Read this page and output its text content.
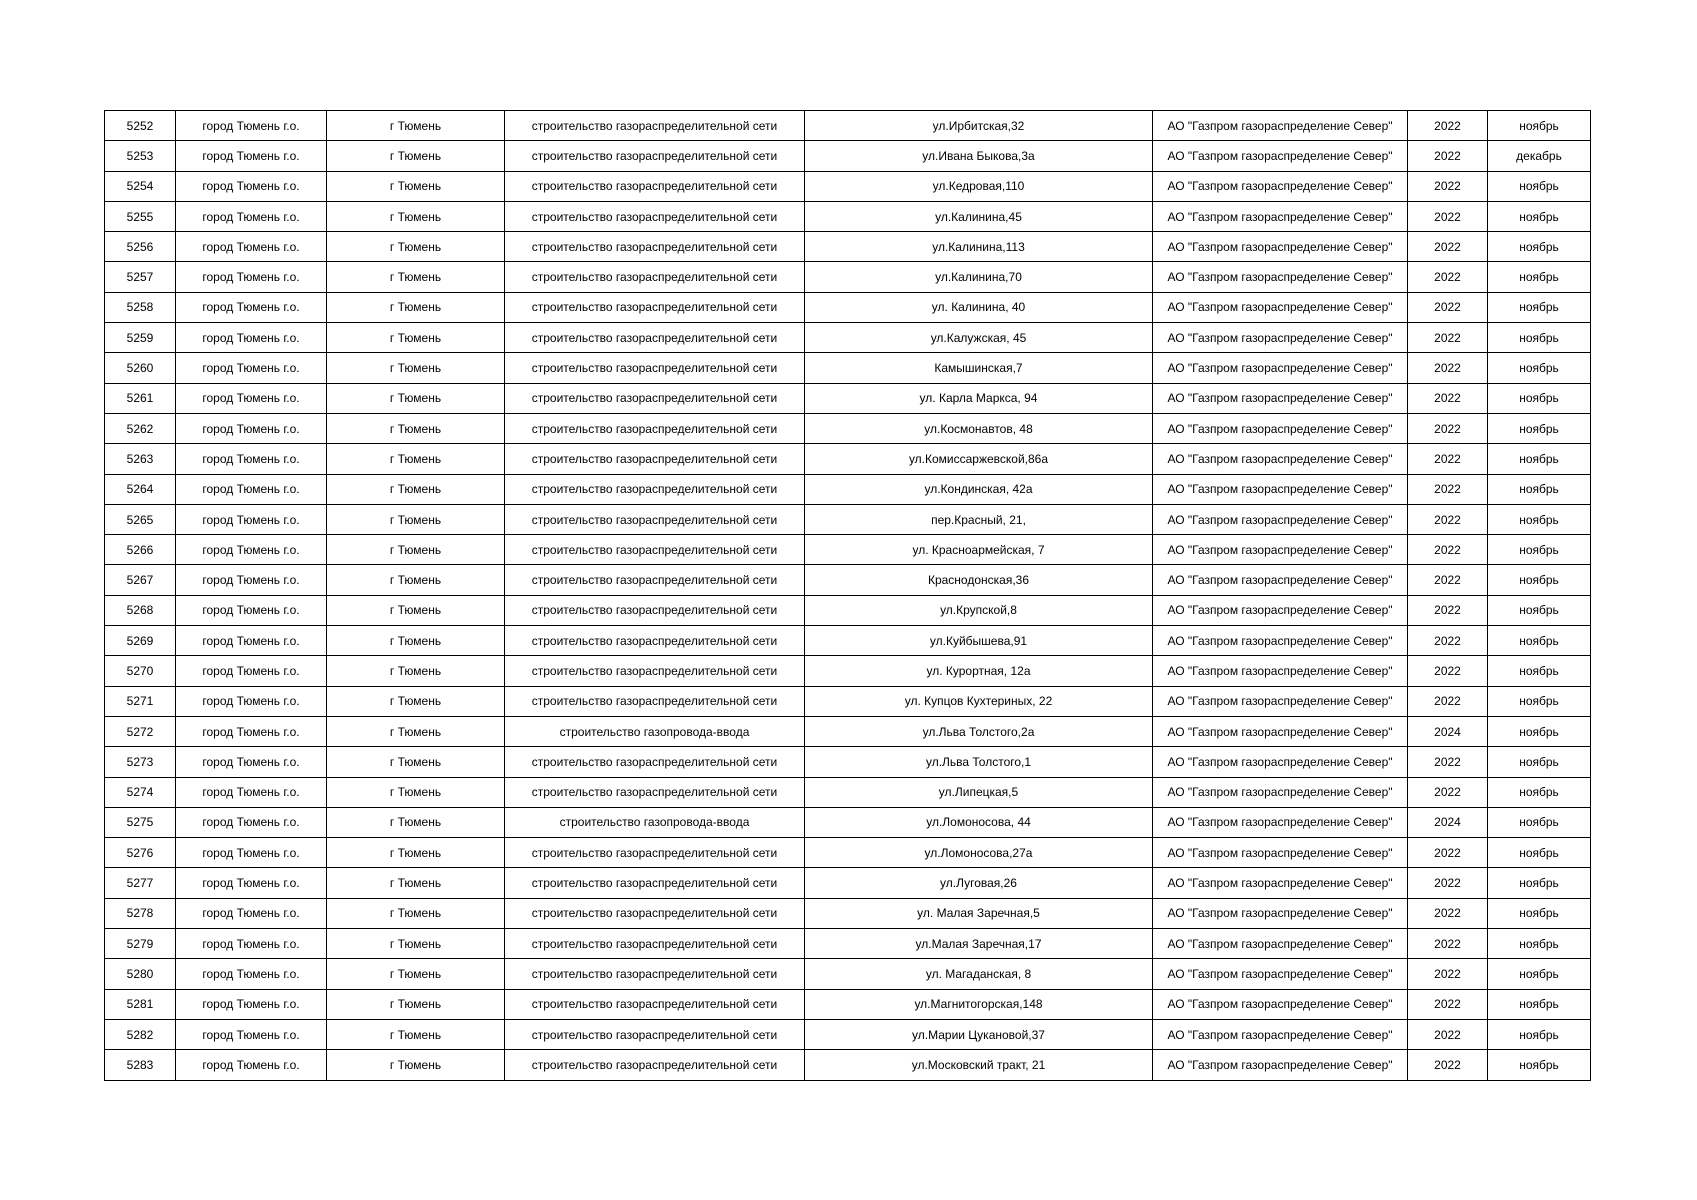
5252	город Тюмень г.о.	г Тюмень	строительство газораспределительной сети	ул.Ирбитская,32	АО "Газпром газораспределение Север"	2022	ноябрь
5253	город Тюмень г.о.	г Тюмень	строительство газораспределительной сети	ул.Ивана Быкова,3а	АО "Газпром газораспределение Север"	2022	декабрь
5254	город Тюмень г.о.	г Тюмень	строительство газораспределительной сети	ул.Кедровая,110	АО "Газпром газораспределение Север"	2022	ноябрь
5255	город Тюмень г.о.	г Тюмень	строительство газораспределительной сети	ул.Калинина,45	АО "Газпром газораспределение Север"	2022	ноябрь
5256	город Тюмень г.о.	г Тюмень	строительство газораспределительной сети	ул.Калинина,113	АО "Газпром газораспределение Север"	2022	ноябрь
5257	город Тюмень г.о.	г Тюмень	строительство газораспределительной сети	ул.Калинина,70	АО "Газпром газораспределение Север"	2022	ноябрь
5258	город Тюмень г.о.	г Тюмень	строительство газораспределительной сети	ул. Калинина, 40	АО "Газпром газораспределение Север"	2022	ноябрь
5259	город Тюмень г.о.	г Тюмень	строительство газораспределительной сети	ул.Калужская, 45	АО "Газпром газораспределение Север"	2022	ноябрь
5260	город Тюмень г.о.	г Тюмень	строительство газораспределительной сети	Камышинская,7	АО "Газпром газораспределение Север"	2022	ноябрь
5261	город Тюмень г.о.	г Тюмень	строительство газораспределительной сети	ул. Карла Маркса, 94	АО "Газпром газораспределение Север"	2022	ноябрь
5262	город Тюмень г.о.	г Тюмень	строительство газораспределительной сети	ул.Космонавтов, 48	АО "Газпром газораспределение Север"	2022	ноябрь
5263	город Тюмень г.о.	г Тюмень	строительство газораспределительной сети	ул.Комиссаржевской,86а	АО "Газпром газораспределение Север"	2022	ноябрь
5264	город Тюмень г.о.	г Тюмень	строительство газораспределительной сети	ул.Кондинская, 42а	АО "Газпром газораспределение Север"	2022	ноябрь
5265	город Тюмень г.о.	г Тюмень	строительство газораспределительной сети	пер.Красный, 21,	АО "Газпром газораспределение Север"	2022	ноябрь
5266	город Тюмень г.о.	г Тюмень	строительство газораспределительной сети	ул. Красноармейская, 7	АО "Газпром газораспределение Север"	2022	ноябрь
5267	город Тюмень г.о.	г Тюмень	строительство газораспределительной сети	Краснодонская,36	АО "Газпром газораспределение Север"	2022	ноябрь
5268	город Тюмень г.о.	г Тюмень	строительство газораспределительной сети	ул.Крупской,8	АО "Газпром газораспределение Север"	2022	ноябрь
5269	город Тюмень г.о.	г Тюмень	строительство газораспределительной сети	ул.Куйбышева,91	АО "Газпром газораспределение Север"	2022	ноябрь
5270	город Тюмень г.о.	г Тюмень	строительство газораспределительной сети	ул. Курортная, 12а	АО "Газпром газораспределение Север"	2022	ноябрь
5271	город Тюмень г.о.	г Тюмень	строительство газораспределительной сети	ул. Купцов Кухтериных, 22	АО "Газпром газораспределение Север"	2022	ноябрь
5272	город Тюмень г.о.	г Тюмень	строительство газопровода-ввода	ул.Льва Толстого,2а	АО "Газпром газораспределение Север"	2024	ноябрь
5273	город Тюмень г.о.	г Тюмень	строительство газораспределительной сети	ул.Льва Толстого,1	АО "Газпром газораспределение Север"	2022	ноябрь
5274	город Тюмень г.о.	г Тюмень	строительство газораспределительной сети	ул.Липецкая,5	АО "Газпром газораспределение Север"	2022	ноябрь
5275	город Тюмень г.о.	г Тюмень	строительство газопровода-ввода	ул.Ломоносова, 44	АО "Газпром газораспределение Север"	2024	ноябрь
5276	город Тюмень г.о.	г Тюмень	строительство газораспределительной сети	ул.Ломоносова,27а	АО "Газпром газораспределение Север"	2022	ноябрь
5277	город Тюмень г.о.	г Тюмень	строительство газораспределительной сети	ул.Луговая,26	АО "Газпром газораспределение Север"	2022	ноябрь
5278	город Тюмень г.о.	г Тюмень	строительство газораспределительной сети	ул. Малая Заречная,5	АО "Газпром газораспределение Север"	2022	ноябрь
5279	город Тюмень г.о.	г Тюмень	строительство газораспределительной сети	ул.Малая Заречная,17	АО "Газпром газораспределение Север"	2022	ноябрь
5280	город Тюмень г.о.	г Тюмень	строительство газораспределительной сети	ул. Магаданская, 8	АО "Газпром газораспределение Север"	2022	ноябрь
5281	город Тюмень г.о.	г Тюмень	строительство газораспределительной сети	ул.Магнитогорская,148	АО "Газпром газораспределение Север"	2022	ноябрь
5282	город Тюмень г.о.	г Тюмень	строительство газораспределительной сети	ул.Марии Цукановой,37	АО "Газпром газораспределение Север"	2022	ноябрь
5283	город Тюмень г.о.	г Тюмень	строительство газораспределительной сети	ул.Московский тракт, 21	АО "Газпром газораспределение Север"	2022	ноябрь
